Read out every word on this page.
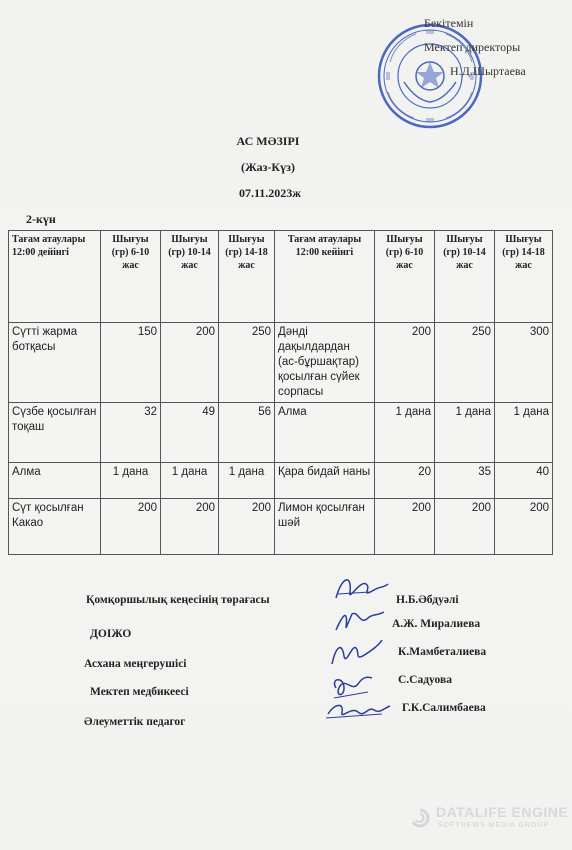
Бекітемін
Мектеп директоры
Н.Д.Шыртаева
АС МӘЗІРІ
(Жаз-Күз)
07.11.2023ж
2-күн
Тағам атаулары 12:00 дейінгі	Шығуы (гр) 6-10 жас	Шығуы (гр) 10-14 жас	Шығуы (гр) 14-18 жас	Тағам атаулары 12:00 кейінгі	Шығуы (гр) 6-10 жас	Шығуы (гр) 10-14 жас	Шығуы (гр) 14-18 жас
Сүтті жарма ботқасы	150	200	250	Дәнді дақылдардан (ас-бұршақтар) қосылған сүйек сорпасы	200	250	300
Сүзбе қосылған тоқаш	32	49	56	Алма	1 дана	1 дана	1 дана
Алма	1 дана	1 дана	1 дана	Қара бидай наны	20	35	40
Сүт қосылған Какао	200	200	200	Лимон қосылған шәй	200	200	200
Қомқоршылық кеңесінің төрағасы	Н.Б.Әбдуәлі
ДОІЖО
А.Ж. Миралиева
Асхана меңгерушісі
К.Мамбеталиева
Мектеп медбикеесі
С.Садуова
Әлеуметтік педагог
Г.К.Салимбаева
DATALIFE ENGINE
SOFTNEWS MEDIA GROUP
